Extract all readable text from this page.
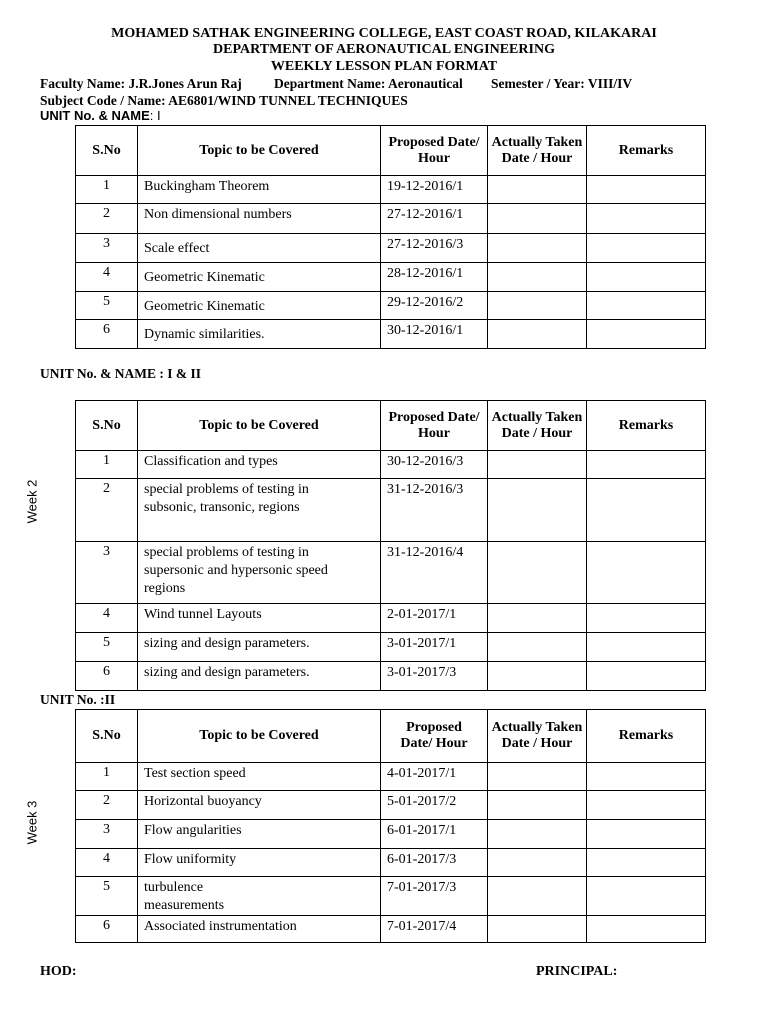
MOHAMED SATHAK ENGINEERING COLLEGE, EAST COAST ROAD, KILAKARAI
DEPARTMENT OF AERONAUTICAL ENGINEERING
WEEKLY LESSON PLAN FORMAT
Faculty Name: J.R.Jones Arun Raj Department Name: Aeronautical Semester / Year: VIII/IV
Subject Code / Name: AE6801/WIND TUNNEL TECHNIQUES
UNIT No. & NAME: I
S.No	Topic to be Covered	Proposed Date/ Hour	Actually Taken Date / Hour	Remarks
1	Buckingham Theorem	19-12-2016/1		
2	Non dimensional numbers	27-12-2016/1		
3	Scale effect	27-12-2016/3		
4	Geometric Kinematic	28-12-2016/1		
5	Geometric Kinematic	29-12-2016/2		
6	Dynamic similarities.	30-12-2016/1		
UNIT No. & NAME : I & II
S.No	Topic to be Covered	Proposed Date/ Hour	Actually Taken Date / Hour	Remarks
1	Classification and types	30-12-2016/3		
2	special problems of testing in subsonic, transonic, regions	31-12-2016/3		
3	special problems of testing in supersonic and hypersonic speed regions	31-12-2016/4		
4	Wind tunnel Layouts	2-01-2017/1		
5	sizing and design parameters.	3-01-2017/1		
6	sizing and design parameters.	3-01-2017/3		
Week 2
UNIT No. :II
S.No	Topic to be Covered	Proposed Date/ Hour	Actually Taken Date / Hour	Remarks
1	Test section speed	4-01-2017/1		
2	Horizontal buoyancy	5-01-2017/2		
3	Flow angularities	6-01-2017/1		
4	Flow uniformity	6-01-2017/3		
5	turbulence measurements	7-01-2017/3		
6	Associated instrumentation	7-01-2017/4		
Week 3
HOD:	PRINCIPAL:
